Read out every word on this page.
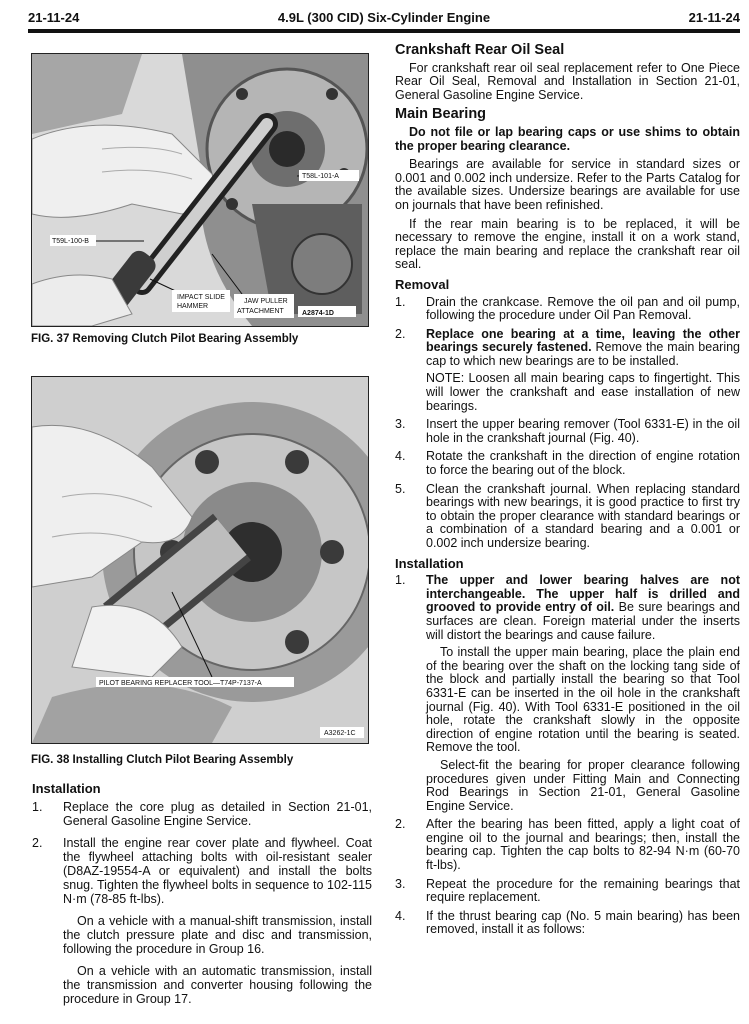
21-11-24	4.9L (300 CID) Six-Cylinder Engine	21-11-24
T58L-101-A
T59L-100-B
IMPACT SLIDE
HAMMER
JAW PULLER
ATTACHMENT	A2874-1D
FIG. 37 Removing Clutch Pilot Bearing Assembly
PILOT BEARING REPLACER TOOL—T74P-7137-A
A3262-1C
FIG. 38 Installing Clutch Pilot Bearing Assembly
Installation
1. Replace the core plug as detailed in Section 21-01, General Gasoline Engine Service.
2. Install the engine rear cover plate and flywheel. Coat the flywheel attaching bolts with oil-resistant sealer (D8AZ-19554-A or equivalent) and install the bolts snug. Tighten the flywheel bolts in sequence to 102-115 N·m (78-85 ft-lbs).

On a vehicle with a manual-shift transmission, install the clutch pressure plate and disc and transmission, following the procedure in Group 16.

On a vehicle with an automatic transmission, install the transmission and converter housing following the procedure in Group 17.

Crankshaft Rear Oil Seal

For crankshaft rear oil seal replacement refer to One Piece Rear Oil Seal, Removal and Installation in Section 21-01, General Gasoline Engine Service.

Main Bearing

Do not file or lap bearing caps or use shims to obtain the proper bearing clearance.

Bearings are available for service in standard sizes or 0.001 and 0.002 inch undersize. Refer to the Parts Catalog for the available sizes. Undersize bearings are available for use on journals that have been refinished.

If the rear main bearing is to be replaced, it will be necessary to remove the engine, install it on a work stand, replace the main bearing and replace the crankshaft rear oil seal.

Removal
1. Drain the crankcase. Remove the oil pan and oil pump, following the procedure under Oil Pan Removal.
2. Replace one bearing at a time, leaving the other bearings securely fastened. Remove the main bearing cap to which new bearings are to be installed.

NOTE: Loosen all main bearing caps to fingertight. This will lower the crankshaft and ease installation of new bearings.

3. Insert the upper bearing remover (Tool 6331-E) in the oil hole in the crankshaft journal (Fig. 40).
4. Rotate the crankshaft in the direction of engine rotation to force the bearing out of the block.
5. Clean the crankshaft journal. When replacing standard bearings with new bearings, it is good practice to first try to obtain the proper clearance with standard bearings or a combination of a standard bearing and a 0.001 or 0.002 inch undersize bearing.
Installation
1. The upper and lower bearing halves are not interchangeable. The upper half is drilled and grooved to provide entry of oil. Be sure bearings and surfaces are clean. Foreign material under the inserts will distort the bearings and cause failure.

To install the upper main bearing, place the plain end of the bearing over the shaft on the locking tang side of the block and partially install the bearing so that Tool 6331-E can be inserted in the oil hole in the crankshaft journal (Fig. 40). With Tool 6331-E positioned in the oil hole, rotate the crankshaft slowly in the opposite direction of engine rotation until the bearing is seated. Remove the tool.

Select-fit the bearing for proper clearance following procedures given under Fitting Main and Connecting Rod Bearings in Section 21-01, General Gasoline Engine Service.

2. After the bearing has been fitted, apply a light coat of engine oil to the journal and bearings; then, install the bearing cap. Tighten the cap bolts to 82-94 N·m (60-70 ft-lbs).
3. Repeat the procedure for the remaining bearings that require replacement.
4. If the thrust bearing cap (No. 5 main bearing) has been removed, install it as follows:
